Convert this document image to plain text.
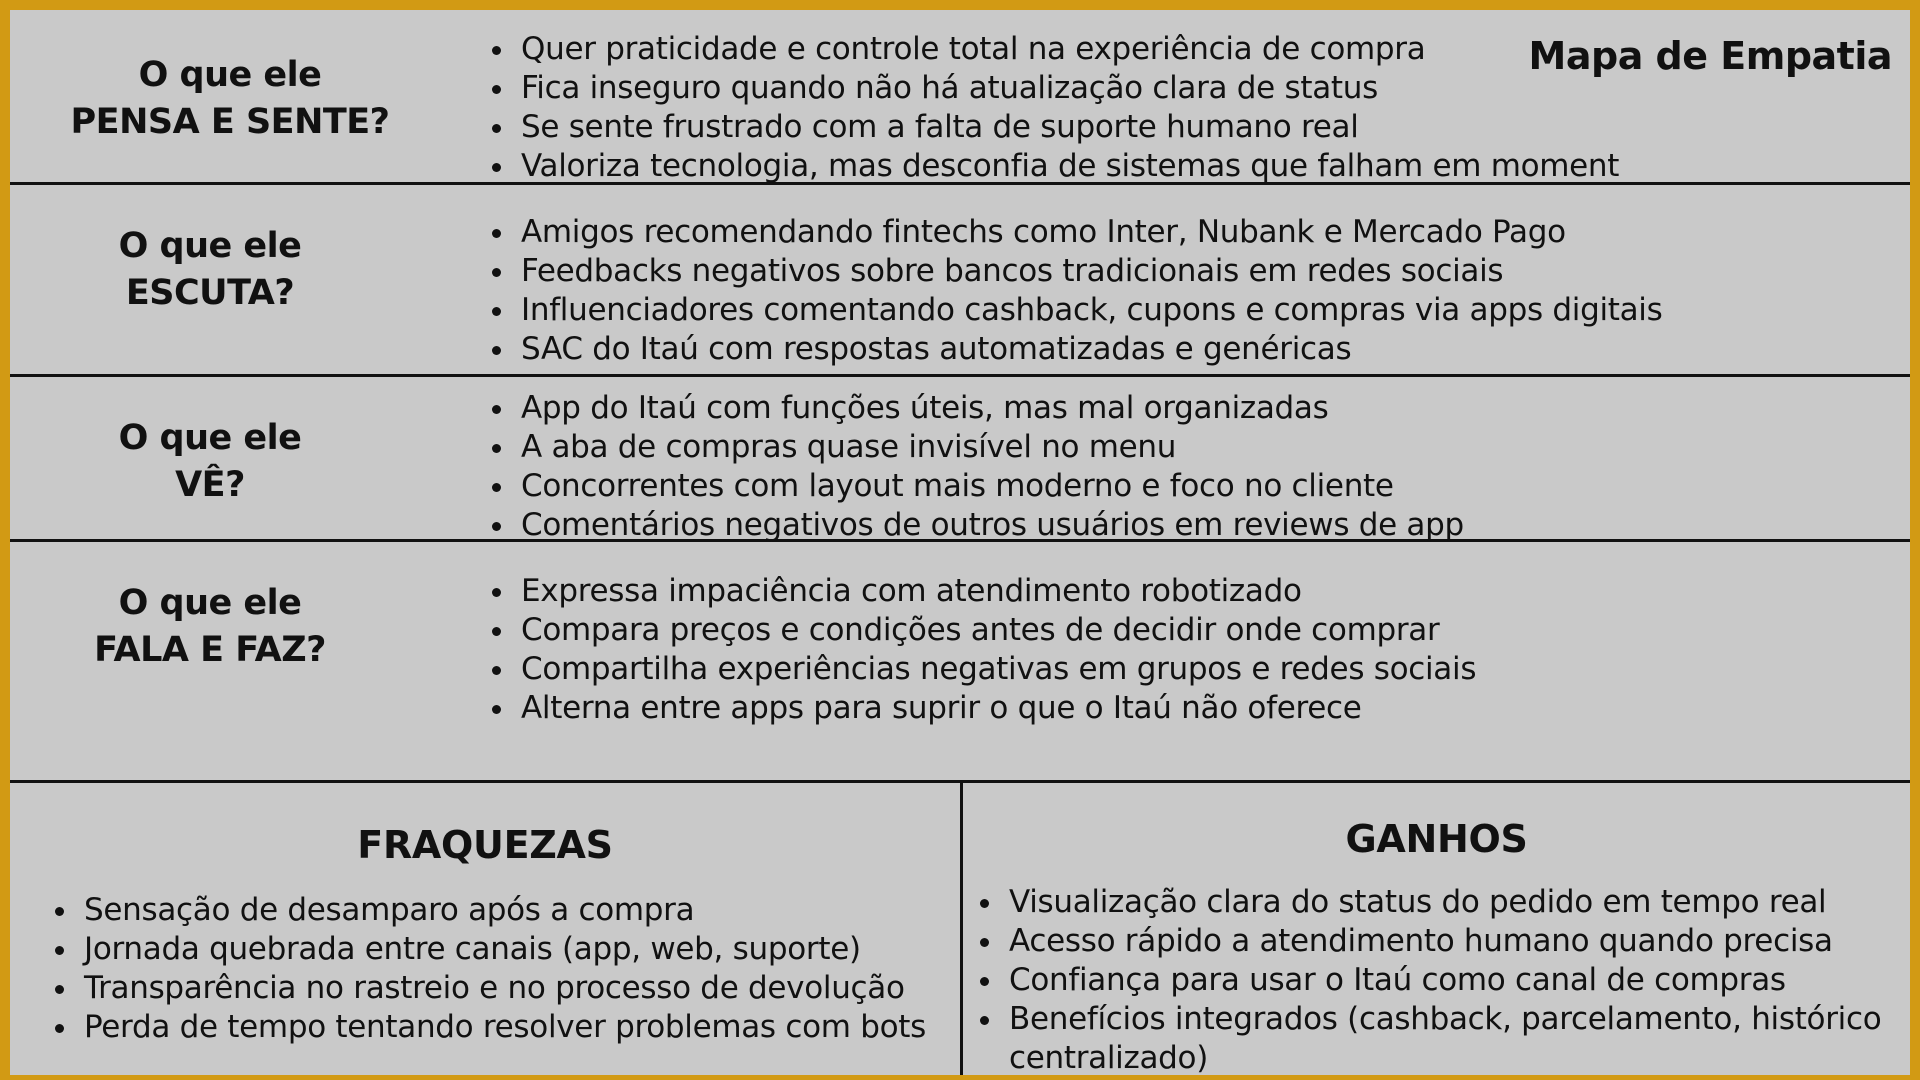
Mapa de Empatia
O que ele
PENSA E SENTE?
• Quer praticidade e controle total na experiência de compra
• Fica inseguro quando não há atualização clara de status
• Se sente frustrado com a falta de suporte humano real
• Valoriza tecnologia, mas desconfia de sistemas que falham em moment
O que ele
ESCUTA?
• Amigos recomendando fintechs como Inter, Nubank e Mercado Pago
• Feedbacks negativos sobre bancos tradicionais em redes sociais
• Influenciadores comentando cashback, cupons e compras via apps digitais
• SAC do Itaú com respostas automatizadas e genéricas
O que ele
VÊ?
• App do Itaú com funções úteis, mas mal organizadas
• A aba de compras quase invisível no menu
• Concorrentes com layout mais moderno e foco no cliente
• Comentários negativos de outros usuários em reviews de app
O que ele
FALA E FAZ?
• Expressa impaciência com atendimento robotizado
• Compara preços e condições antes de decidir onde comprar
• Compartilha experiências negativas em grupos e redes sociais
• Alterna entre apps para suprir o que o Itaú não oferece
FRAQUEZAS
• Sensação de desamparo após a compra
• Jornada quebrada entre canais (app, web, suporte)
• Transparência no rastreio e no processo de devolução
• Perda de tempo tentando resolver problemas com bots
GANHOS
• Visualização clara do status do pedido em tempo real
• Acesso rápido a atendimento humano quando precisa
• Confiança para usar o Itaú como canal de compras
• Benefícios integrados (cashback, parcelamento, histórico centralizado)
